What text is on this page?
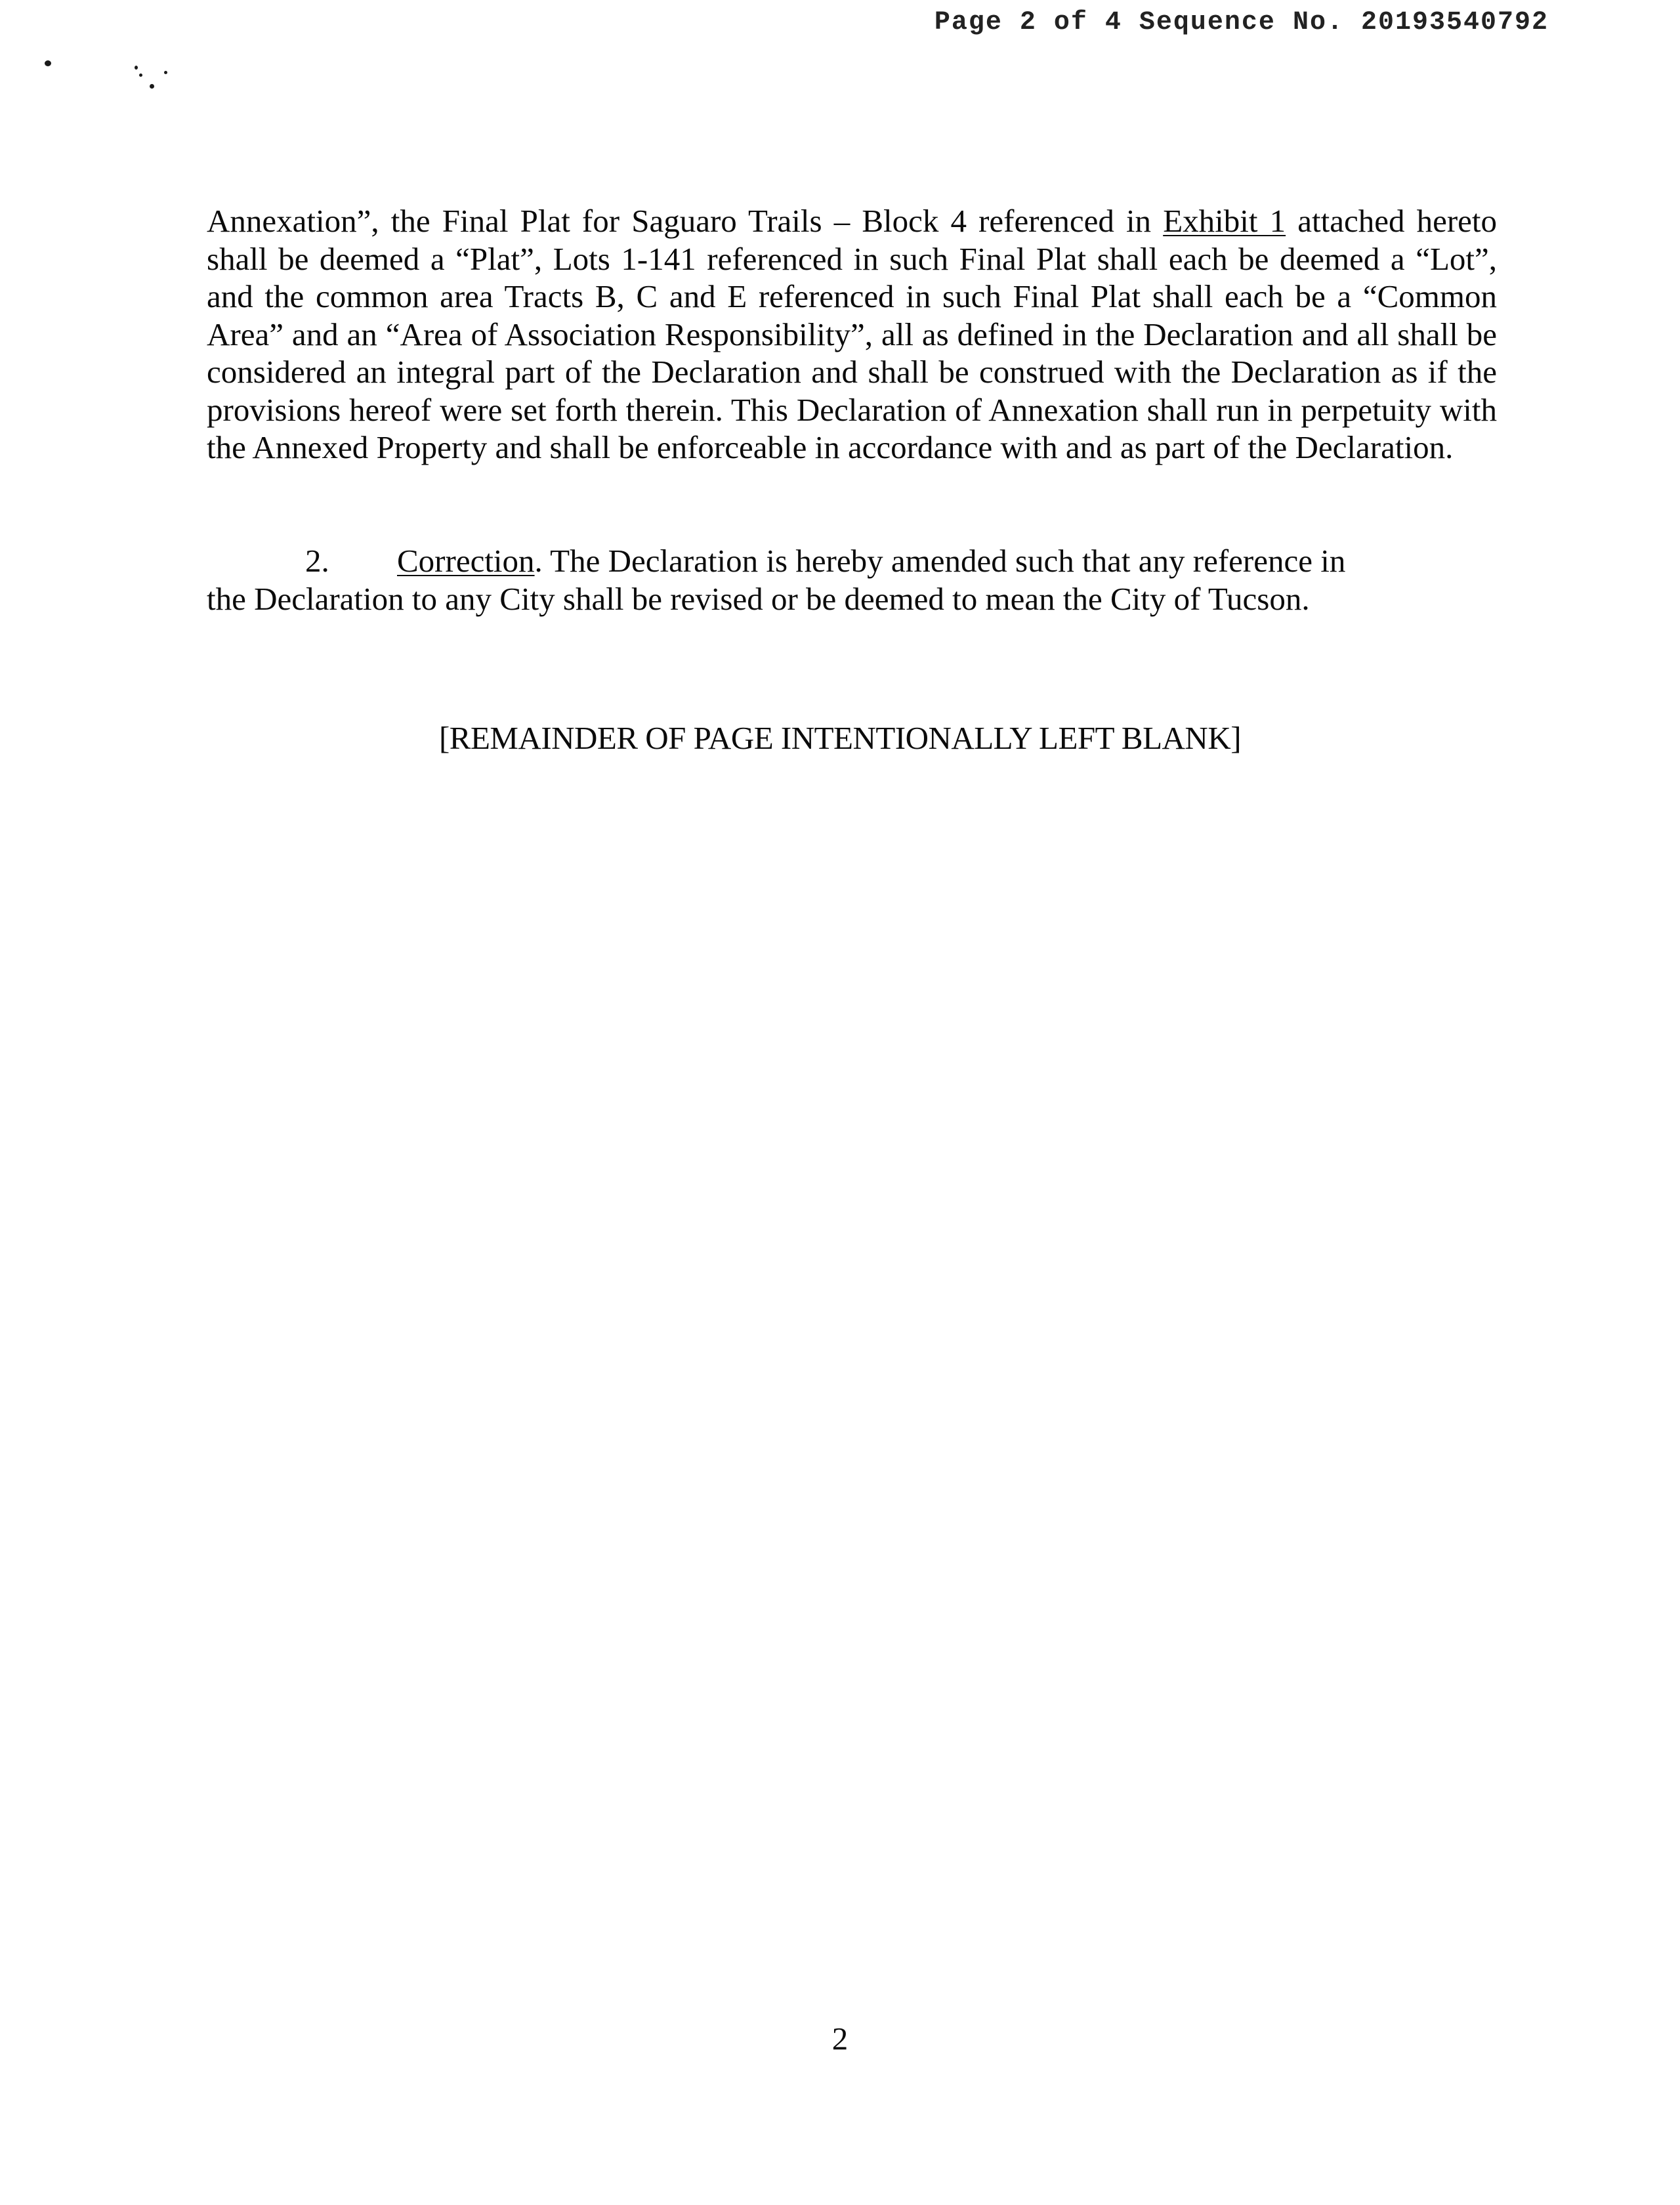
Page 2 of 4 Sequence No. 20193540792
Annexation”, the Final Plat for Saguaro Trails – Block 4 referenced in Exhibit 1 attached hereto shall be deemed a “Plat”, Lots 1-141 referenced in such Final Plat shall each be deemed a “Lot”, and the common area Tracts B, C and E referenced in such Final Plat shall each be a “Common Area” and an “Area of Association Responsibility”, all as defined in the Declaration and all shall be considered an integral part of the Declaration and shall be construed with the Declaration as if the provisions hereof were set forth therein. This Declaration of Annexation shall run in perpetuity with the Annexed Property and shall be enforceable in accordance with and as part of the Declaration.
2. Correction. The Declaration is hereby amended such that any reference in
the Declaration to any City shall be revised or be deemed to mean the City of Tucson.
[REMAINDER OF PAGE INTENTIONALLY LEFT BLANK]
2
